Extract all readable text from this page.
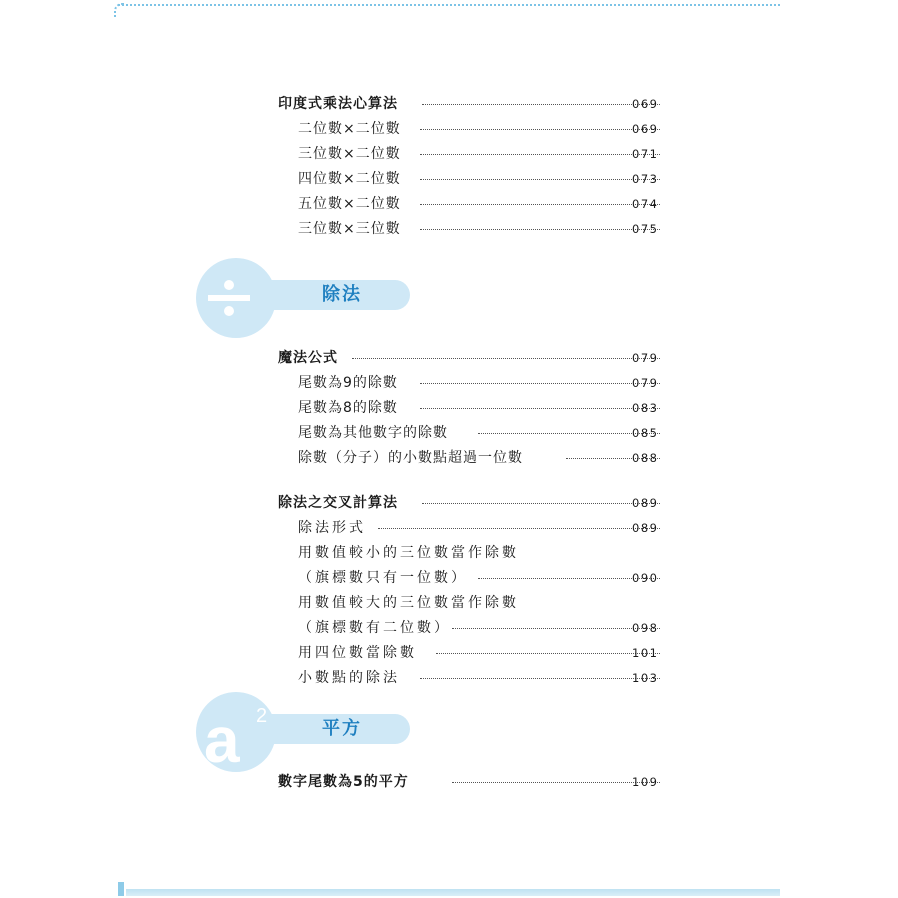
印度式乘法心算法	069
二位數×二位數	069
三位數×二位數	071
四位數×二位數	073
五位數×二位數	074
三位數×三位數	075
除法
魔法公式	079
尾數為9的除數	079
尾數為8的除數	083
尾數為其他數字的除數	085
除數（分子）的小數點超過一位數	088
除法之交叉計算法	089
除法形式	089
用數值較小的三位數當作除數
（旗標數只有一位數）	090
用數值較大的三位數當作除數
（旗標數有二位數）	098
用四位數當除數	101
小數點的除法	103
a 2
平方
數字尾數為5的平方	109
